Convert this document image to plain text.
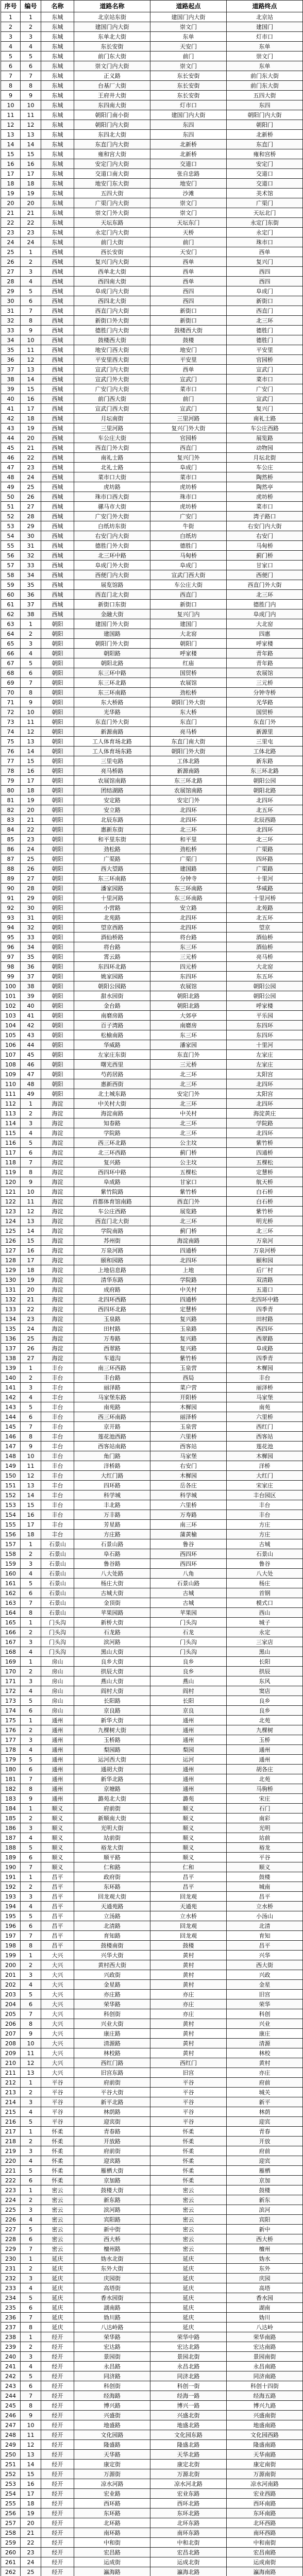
序号	编号	名称	道路名称	道路起点	道路终点
1	1	东城	北京站东街	建国门内大街	北京站
2	2	东城	建国门内大街	崇文门	建国门
3	3	东城	东单北大街	东单	灯市口
4	4	东城	东长安街	天安门	东单
5	5	东城	前门东大街	前门	崇文门
6	6	东城	崇文门内大街	崇文门	东单
7	7	东城	正义路	东长安街	前门东大街
8	8	东城	台基厂大街	东长安街	前门东大街
9	9	东城	王府井大街	东长安街	五四大街
10	10	东城	东四南大街	灯市口	东四
11	11	东城	朝阳门南小街	建国门内大街	朝阳门内大街
12	12	东城	朝阳门内大街	东四	朝阳门
13	13	东城	东四北大街	东四	北新桥
14	14	东城	东直门内大街	北新桥	东直门
15	15	东城	雍和宫大街	北新桥	雍和宫桥
16	16	东城	安定门内大街	交道口	安定门
17	17	东城	交道口南大街	张自忠路	交道口
18	18	东城	地安门东大街	地安门	交道口
19	19	东城	五四大街	沙滩	美术馆
20	20	东城	广渠门内大街	崇文门	广渠门
21	21	东城	崇文门外大街	崇文门	天坛北门
22	22	东城	天坛东路	天坛东门	永定门东街
23	23	东城	永定门内大街	天桥	永定门
24	24	东城	前门大街	前门	珠市口
25	1	西城	西长安街	天安门	西单
26	2	西城	复兴门内大街	西单	复兴门
27	3	西城	西单北大街	西单	西四
28	4	西城	西四南大街	西单	西四
29	5	西城	阜成门内大街	西四	阜成门
30	6	西城	西四北大街	西四	新街口
31	7	西城	西直门内大街	新街口	西直门
32	8	西城	新街口外大街	新街口	北三环
33	9	西城	德胜门内大街	鼓楼西大街	德胜门
34	10	西城	鼓楼西大街	鼓楼	德胜门
35	11	西城	地安门西大街	地安门	平安里
36	12	西城	平安里西大街	平安里	官园桥
37	13	西城	宣武门内大街	西单	宣武门
38	14	西城	宣武门外大街	宣武门	菜市口
39	15	西城	广安门内大街	菜市口	广安门
40	16	西城	前门西大街	前门	宣武门
41	17	西城	宣武门西大街	宣武门	复兴门
42	18	西城	月坛南街	三里河路	南礼士路
43	19	西城	三里河路	复兴门外大街	车公庄西路
44	20	西城	车公庄大街	官园桥	展览路
45	21	西城	西直门外大街	西直门	动物园
46	22	西城	南礼士路	复兴门外	月坛北街
47	23	西城	北礼士路	阜成门	车公庄
48	24	西城	菜市口大街	菜市口	陶然桥
49	25	西城	虎坊路	虎坊桥	陶然亭
50	26	西城	珠市口西大街	珠市口	虎坊桥
51	27	西城	骡马市大街	虎坊桥	菜市口
52	28	西城	广安门外大街	广安门	湾子路口
53	29	西城	白纸坊东街	牛街	右安门内大街
54	30	西城	右安门内大街	白纸坊	右安门
55	31	西城	德胜门外大街	德胜门	马甸桥
56	32	西城	北三环中路	马甸桥	蓟门桥
57	33	西城	阜成门外大街	阜成门	甘家口
58	34	西城	西便门内大街	宣武门西大街	西便门
59	35	西城	展览馆路	车公庄大街	西直门外大街
60	36	西城	西直门北大街	西直门	北三环
61	37	西城	新街口东街	新街口	德胜门内
62	38	西城	金融大街	复兴门内	阜成门内
63	1	朝阳	建国门外大街	建国门	大北窑
64	2	朝阳	建国路	大北窑	四惠
65	3	朝阳	朝阳门外大街	朝阳门	呼家楼
66	4	朝阳	朝阳路	呼家楼	青年路
67	5	朝阳	朝阳北路	红庙	青年路
68	6	朝阳	东三环中路	国贸桥	农展馆
69	7	朝阳	东三环北路	农展馆	三元桥
70	8	朝阳	东三环南路	劲松桥	分钟寺桥
71	9	朝阳	东大桥路	朝阳门外大街	光华路
72	10	朝阳	光华路	东大桥	国贸桥
73	11	朝阳	东直门外大街	东直门	东直门外
74	12	朝阳	新源南路	亮马桥	新源里
75	13	朝阳	工人体育场北路	东直门南大街	三里屯
76	14	朝阳	工人体育场东路	朝阳门外大街	工体北路
77	15	朝阳	三里屯路	工体北路	新东路
78	16	朝阳	亮马桥路	新源南路	东三环北路
79	17	朝阳	农展馆南路	东三环北路	朝阳公园
80	18	朝阳	团结湖路	农展馆南路	朝阳北路
81	19	朝阳	安定路	安定门外	北四环
82	20	朝阳	安立路	北四环	北五环
83	21	朝阳	北辰东路	北四环	北辰西路
84	22	朝阳	惠新东街	北三环	北四环
85	23	朝阳	和平里东街	和平里	北三环
86	24	朝阳	劲松路	劲松桥	广渠路
87	25	朝阳	广渠路	广渠门	四环路
88	26	朝阳	西大望路	建国路	广渠路
89	27	朝阳	东三环南路	分钟寺	十里河
90	28	朝阳	潘家园路	东三环南路	华威路
91	29	朝阳	十里河路	东三环南路	十里河桥
92	30	朝阳	小营路	安立路	北苑路
93	31	朝阳	北苑路	北四环	北五环
94	32	朝阳	望京西路	北四环	望京
95	33	朝阳	酒仙桥路	将台路	酒仙桥
96	34	朝阳	将台路	东三环	酒仙桥
97	35	朝阳	霄云路	三元桥	亮马桥
98	36	朝阳	东四环北路	四元桥	大北窑
99	37	朝阳	姚家园路	东四环	东五环
100	38	朝阳	朝阳公园路	农展馆	朝阳公园
101	39	朝阳	甜水园街	朝阳北路	朝阳公园
102	40	朝阳	金台路	朝阳北路	呼家楼
103	41	朝阳	南磨房路	大郊亭	平乐园
104	42	朝阳	百子湾路	南磨房	东四环
105	43	朝阳	松榆南路	东三环	东四环
106	44	朝阳	华威路	潘家园	十里河
107	45	朝阳	左家庄东街	东直门外	左家庄
108	46	朝阳	曙光西里	三元桥	左家庄
109	47	朝阳	芍药居路	北三环	太阳宫
110	48	朝阳	惠新西街	北三环	北四环
111	49	朝阳	北土城东路	安定门外	太阳宫
112	1	海淀	中关村大街	北三环	北四环
113	2	海淀	海淀南路	中关村	海淀黄庄
114	3	海淀	知春路	北三环	学院路
115	4	海淀	学院路	北三环	北四环
116	5	海淀	西三环北路	公主坟	紫竹桥
117	6	海淀	北三环西路	蓟门桥	四通桥
118	7	海淀	复兴路	公主坟	五棵松
119	8	海淀	西四环中路	五棵松	定慧桥
120	9	海淀	阜成路	甘家口	航天桥
121	10	海淀	紫竹院路	紫竹桥	白石桥
122	11	海淀	首都体育馆南路	西直门外	白石桥
123	12	海淀	车公庄西路	展览路	紫竹桥
124	13	海淀	西直门北大街	北三环	明光桥
125	14	海淀	学院南路	蓟门桥	北三环
126	15	海淀	苏州街	海淀南路	万泉河
127	16	海淀	万泉河路	四通桥	万泉河桥
128	17	海淀	颐和园路	北四环	颐和园
129	18	海淀	上地信息路	上地	后厂村
130	19	海淀	清华东路	学院路	双清路
131	20	海淀	成府路	中关村	五道口
132	21	海淀	北四环西路	四通桥	北四环中路
133	22	海淀	西四环北路	定慧桥	四季青
134	23	海淀	玉泉路	复兴路	田村路
135	24	海淀	田村路	玉泉路	西四环
136	25	海淀	万寿路	复兴路	西翠路
137	26	海淀	西翠路	复兴路	阜成路
138	27	海淀	车道沟	紫竹桥	四季青
139	1	丰台	南三环西路	玉泉营	木樨园
140	2	丰台	丰台路	西局	丰台
141	3	丰台	丽泽路	菜户营	丽泽桥
142	4	丰台	马家堡东路	开阳桥	马家堡
143	5	丰台	南苑路	木樨园	南苑
144	6	丰台	西三环南路	丽泽桥	六里桥
145	7	丰台	京开路	玉泉营	西红门
146	8	丰台	莲花池西路	六里桥	西客站
147	9	丰台	西客站南路	西客站	莲花池
148	10	丰台	角门路	马家堡	木樨园
149	11	丰台	洋桥路	右安门	洋桥
150	12	丰台	大红门路	木樨园	大红门
151	13	丰台	四环路	岳各庄	宋家庄
152	14	丰台	科学城	科学城	丰台园区
153	15	丰台	丰北路	六里桥	丰台
154	16	丰台	万丰路	万寿路	丰台
155	17	丰台	芳星路	南三环	方庄
156	18	丰台	方庄路	蒲黄榆	方庄
157	1	石景山	石景山路	鲁谷	古城
158	2	石景山	阜石路	西四环	石景山
159	3	石景山	鲁谷路	西四环	鲁谷
160	4	石景山	八大处路	八角	八大处
161	5	石景山	杨庄大街	石景山路	杨庄
162	6	石景山	古城大街	古城	首钢
163	7	石景山	金顶街	古城	模式口
164	8	石景山	苹果园路	苹果园	西山
165	1	门头沟	新桥大街	门头沟	城子
166	2	门头沟	石龙路	石龙	永定
167	3	门头沟	滨河路	门头沟	三家店
168	4	门头沟	黑山大街	门头沟	黑山
169	1	房山	良乡大街	良乡	长阳
170	2	房山	拱辰大街	良乡	拱辰
171	3	房山	燕山大街	燕山	东风
172	4	房山	阎村大街	阎村	窦店
173	5	房山	长阳路	长阳	良乡
174	6	房山	京良路	京良	良乡
175	1	通州	新华大街	通州	北苑
176	2	通州	九棵树大街	通州	九棵树
177	3	通州	玉桥路	通州	玉桥
178	4	通州	梨园路	梨园	通州
179	5	通州	运河西大街	运河	通州
180	6	通州	通胡大街	通州	胡各庄
181	7	通州	新华北路	通州	北苑
182	8	通州	京塘路	通州	马驹桥
183	9	通州	潞苑北大街	潞苑	宋庄
184	1	顺义	府前街	顺义	石门
185	2	顺义	新顺南大街	顺义	南彩
186	3	顺义	光明大街	顺义	光明
187	4	顺义	站前街	顺义	站前
188	5	顺义	裕龙大街	顺义	裕龙
189	6	顺义	顺平路	顺义	平谷
190	7	顺义	仁和路	仁和	顺义
191	1	昌平	政府街	昌平	鼓楼
192	2	昌平	东环路	昌平	城南
193	3	昌平	回龙观大街	回龙观	昌平
194	4	昌平	天通苑路	天通苑	立水桥
195	5	昌平	立汤路	立水桥	小汤山
196	6	昌平	北清路	回龙观	北清
197	7	昌平	育知路	回龙观	育知
198	8	昌平	鼓楼南街	鼓楼	昌平
199	1	大兴	兴华大街	黄村	兴华
200	2	大兴	黄村西大街	黄村	西大街
201	3	大兴	兴政街	黄村	兴政
202	4	大兴	金星路	黄村	金星
203	5	大兴	亦庄路	亦庄	旧宫
204	6	大兴	荣华路	亦庄	荣华
205	7	大兴	科创街	亦庄	科创
206	8	大兴	兴业大街	黄村	兴业
207	9	大兴	康庄路	黄村	康庄
208	10	大兴	清源路	黄村	清源
209	11	大兴	林校路	黄村	林校
210	12	大兴	西红门路	西红门	黄村
211	13	大兴	旧宫东路	旧宫	亦庄
212	1	平谷	府前街	平谷	府前
213	2	平谷	平谷大街	平谷	城关
214	3	平谷	新平北路	平谷	新平
215	4	平谷	林荫路	平谷	林荫
216	5	平谷	迎宾街	平谷	迎宾
217	1	怀柔	青春路	怀柔	青春
218	2	怀柔	开放路	怀柔	开放
219	3	怀柔	府前街	怀柔	府前
220	4	怀柔	迎宾路	怀柔	迎宾
221	5	怀柔	雁栖大街	怀柔	雁栖
222	6	怀柔	京加路	怀柔	京加
223	1	密云	鼓楼大街	密云	鼓楼
224	2	密云	新东路	密云	新东
225	3	密云	滨河路	密云	滨河
226	4	密云	宾阳路	密云	宾阳
227	5	密云	新中街	密云	新中
228	6	密云	西大桥	密云	西大桥
229	7	密云	檀州路	密云	檀州
230	1	延庆	妫水北街	延庆	妫水
231	2	延庆	东外大街	延庆	东外
232	3	延庆	庆园街	延庆	庆园
233	4	延庆	高塔街	延庆	高塔
234	5	延庆	香水园街	延庆	香水园
235	6	延庆	湖南路	延庆	湖南
236	7	延庆	妫川路	延庆	妫川
237	8	延庆	八达岭路	延庆	八达岭
238	1	经开	荣华路	荣华中路	荣华南路
239	2	经开	宏达路	宏达北路	宏达南路
240	3	经开	景园街	景园北街	景园南街
241	4	经开	永昌路	永昌北路	永昌南路
242	5	经开	同济路	同济北路	同济南路
243	6	经开	科创街	科创一街	科创十四街
244	7	经开	经海路	经海一路	经海五路
245	8	经开	博兴路	博兴一路	博兴九路
246	9	经开	兴盛街	兴盛北街	兴盛南街
247	10	经开	地盛路	地盛北路	地盛南路
248	11	经开	文化园路	文化园东路	文化园西路
249	12	经开	隆盛路	隆盛北路	隆盛南路
250	13	经开	天华路	天华北路	天华南路
251	14	经开	康定街	康定北街	康定南街
252	15	经开	万源街	万源北街	万源南街
253	16	经开	凉水河路	凉水河北路	凉水河南路
254	17	经开	宏业路	宏业东路	宏业西路
255	18	经开	西环路	西环北路	西环南路
256	19	经开	东环路	东环北路	东环南路
257	20	经开	北环路	北环东路	北环西路
258	21	经开	南环路	南环东路	南环西路
259	22	经开	中和街	中和北街	中和南街
260	23	经开	宏昌路	宏昌北路	宏昌南路
261	24	经开	运成街	运成北街	运成南街
262	25	经开	瀛海路	瀛海北路	瀛海南路
